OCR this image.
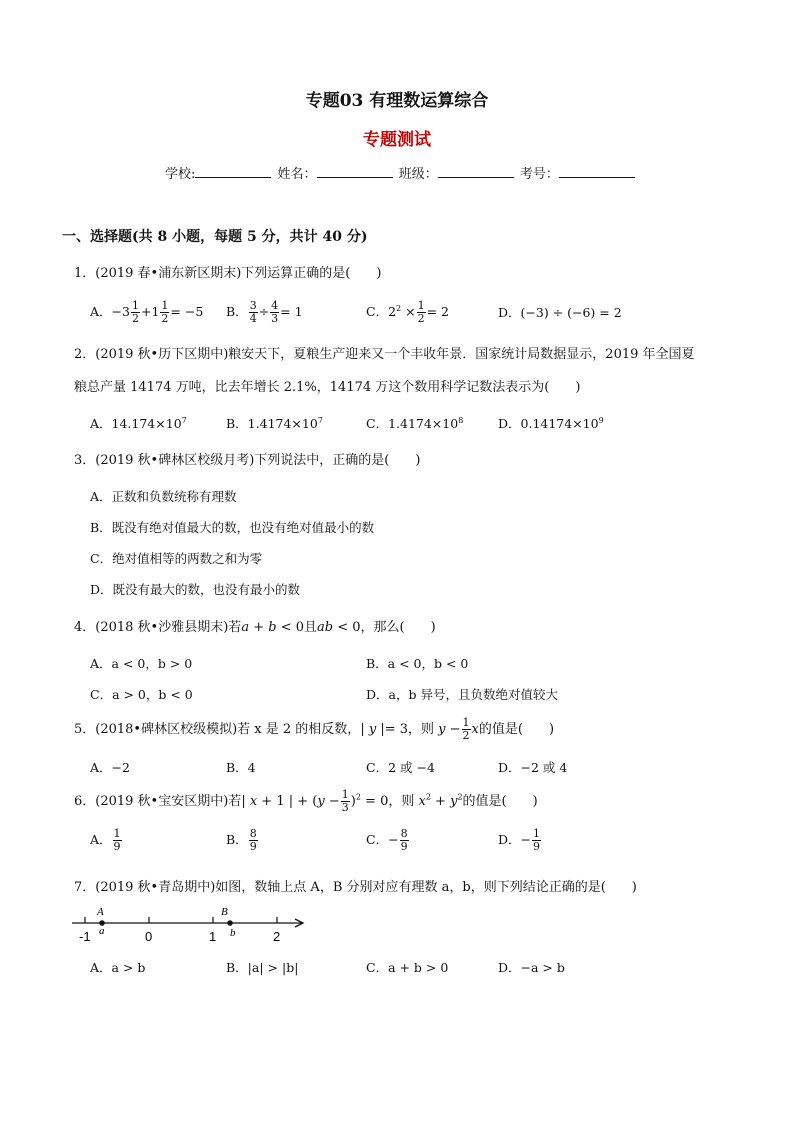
专题03 有理数运算综合
专题测试
学校:	姓名：	班级：	考号：
一、选择题(共 8 小题，每题 5 分，共计 40 分)
1．(2019 春•浦东新区期末)下列运算正确的是(　　)
A．$-3 \frac{1}{2} +1 \frac{1}{2} = -5$ B． $\frac{3}{4} \div \frac{4}{3} = 1$	C．$2^2 \times \frac{1}{2} = 2$	D．(−3) ÷ (−6) = 2
2．(2019 秋•历下区期中)粮安天下，夏粮生产迎来又一个丰收年景．国家统计局数据显示，2019 年全国夏
粮总产量 14174 万吨，比去年增长 2.1%，14174 万这个数用科学记数法表示为(　　)
A．$14.174\times 10^7$	B．$1.4174\times 10^7$	C．$1.4174\times 10^8$	D．$0.14174\times 10^9$
3．(2019 秋•碑林区校级月考)下列说法中，正确的是(　　)
A．正数和负数统称有理数
B．既没有绝对值最大的数，也没有绝对值最小的数
C．绝对值相等的两数之和为零
D．既没有最大的数，也没有最小的数
4．(2018 秋•沙雅县期末)若a + b < 0且ab < 0，那么(　　)
A．a < 0，b > 0	B．a < 0，b < 0
C．a > 0，b < 0	D．a，b 异号，且负数绝对值较大
5．(2018•碑林区校级模拟)若 x 是 2 的相反数，| y |= 3，则 $y - \frac{1}{2}$ x的值是(　　)
A．−2	B．4	C．2 或 −4	D．−2 或 4
6．(2019 秋•宝安区期中)若| x + 1 | + $(y - \frac{1}{3} )^2 = 0$，则 $x^2 + y^2$的值是(　　)
A． $\frac{1}{9}$	B． $\frac{8}{9}$	C．− $\frac{8}{9}$	D．− $\frac{1}{9}$
7．(2019 秋•青岛期中)如图，数轴上点 A，B 分别对应有理数 a，b，则下列结论正确的是(　　)
A
a
B
b
-1	0	1	2
A．a > b	B．|a| > |b|	C．a + b > 0	D．−a > b
